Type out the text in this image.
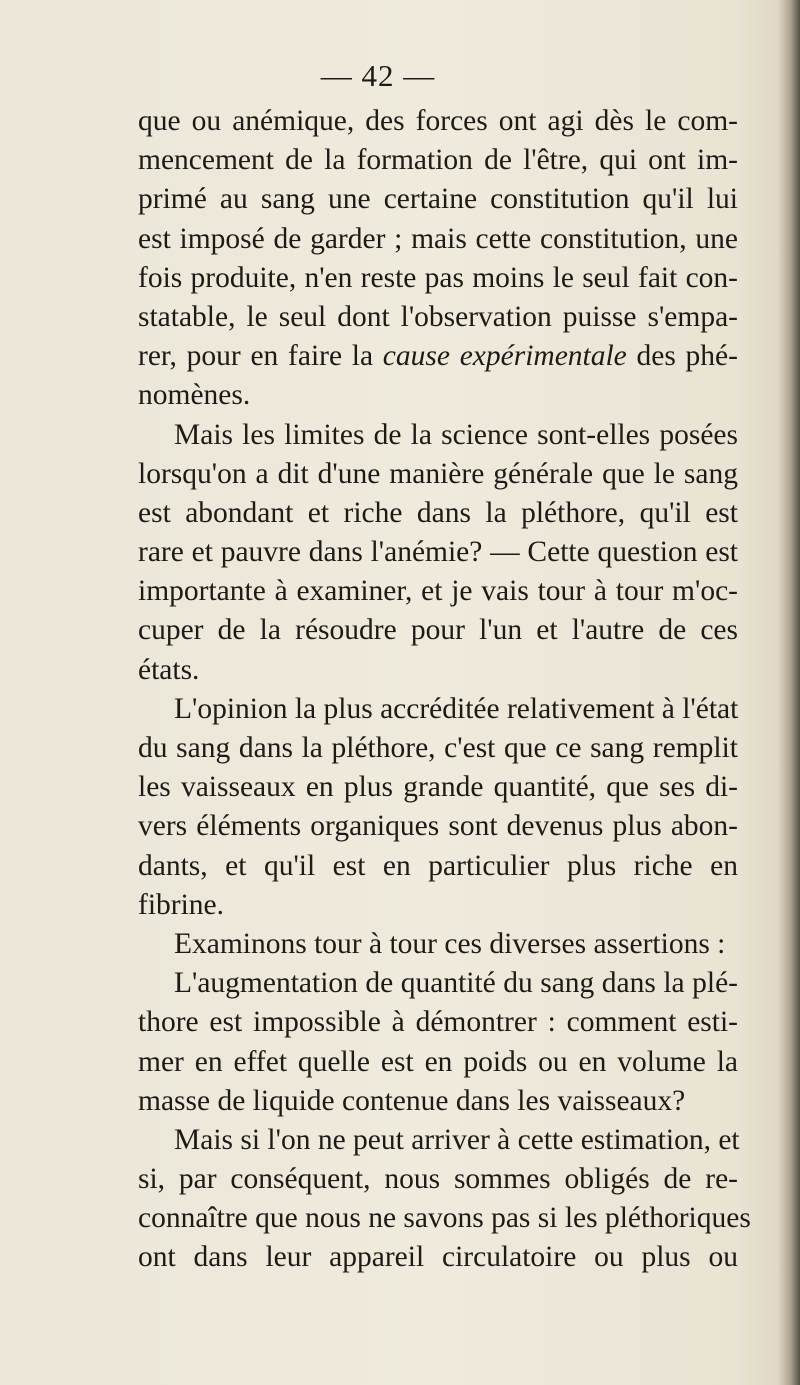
— 42 —
que ou anémique, des forces ont agi dès le com-
mencement de la formation de l'être, qui ont im-
primé au sang une certaine constitution qu'il lui
est imposé de garder ; mais cette constitution, une
fois produite, n'en reste pas moins le seul fait con-
statable, le seul dont l'observation puisse s'empa-
rer, pour en faire la cause expérimentale des phé-
nomènes.
Mais les limites de la science sont-elles posées
lorsqu'on a dit d'une manière générale que le sang
est abondant et riche dans la pléthore, qu'il est
rare et pauvre dans l'anémie? — Cette question est
importante à examiner, et je vais tour à tour m'oc-
cuper de la résoudre pour l'un et l'autre de ces
états.
L'opinion la plus accréditée relativement à l'état
du sang dans la pléthore, c'est que ce sang remplit
les vaisseaux en plus grande quantité, que ses di-
vers éléments organiques sont devenus plus abon-
dants, et qu'il est en particulier plus riche en
fibrine.
Examinons tour à tour ces diverses assertions :
L'augmentation de quantité du sang dans la plé-
thore est impossible à démontrer : comment esti-
mer en effet quelle est en poids ou en volume la
masse de liquide contenue dans les vaisseaux?
Mais si l'on ne peut arriver à cette estimation, et
si, par conséquent, nous sommes obligés de re-
connaître que nous ne savons pas si les pléthoriques
ont dans leur appareil circulatoire ou plus ou
